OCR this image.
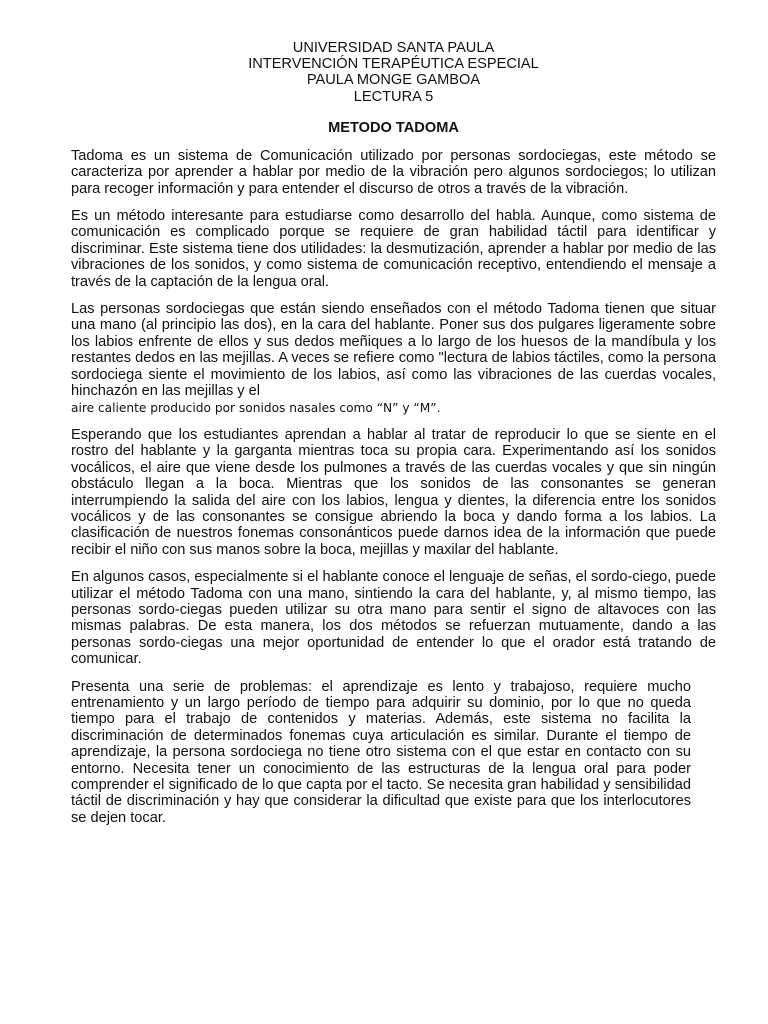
UNIVERSIDAD SANTA PAULA
INTERVENCIÓN TERAPÉUTICA ESPECIAL
PAULA MONGE GAMBOA
LECTURA 5
METODO TADOMA

Tadoma es un sistema de Comunicación utilizado por personas sordociegas, este método se caracteriza por aprender a hablar por medio de la vibración pero algunos sordociegos; lo utilizan para recoger información y para entender el discurso de otros a través de la vibración.

Es un método interesante para estudiarse como desarrollo del habla. Aunque, como sistema de comunicación es complicado porque se requiere de gran habilidad táctil para identificar y discriminar. Este sistema tiene dos utilidades: la desmutización, aprender a hablar por medio de las vibraciones de los sonidos, y como sistema de comunicación receptivo, entendiendo el mensaje a través de la captación de la lengua oral.

Las personas sordociegas que están siendo enseñados con el método Tadoma tienen que situar una mano (al principio las dos), en la cara del hablante. Poner sus dos pulgares ligeramente sobre los labios enfrente de ellos y sus dedos meñiques a lo largo de los huesos de la mandíbula y los restantes dedos en las mejillas. A veces se refiere como "lectura de labios táctiles, como la persona sordociega siente el movimiento de los labios, así como las vibraciones de las cuerdas vocales, hinchazón en las mejillas y el
aire caliente producido por sonidos nasales como “N” y “M”.

Esperando que los estudiantes aprendan a hablar al tratar de reproducir lo que se siente en el rostro del hablante y la garganta mientras toca su propia cara. Experimentando así los sonidos vocálicos, el aire que viene desde los pulmones a través de las cuerdas vocales y que sin ningún obstáculo llegan a la boca. Mientras que los sonidos de las consonantes se generan interrumpiendo la salida del aire con los labios, lengua y dientes, la diferencia entre los sonidos vocálicos y de las consonantes se consigue abriendo la boca y dando forma a los labios. La clasificación de nuestros fonemas consonánticos puede darnos idea de la información que puede recibir el niño con sus manos sobre la boca, mejillas y maxilar del hablante.

En algunos casos, especialmente si el hablante conoce el lenguaje de señas, el sordo-ciego, puede utilizar el método Tadoma con una mano, sintiendo la cara del hablante, y, al mismo tiempo, las personas sordo-ciegas pueden utilizar su otra mano para sentir el signo de altavoces con las mismas palabras. De esta manera, los dos métodos se refuerzan mutuamente, dando a las personas sordo-ciegas una mejor oportunidad de entender lo que el orador está tratando de comunicar.

Presenta una serie de problemas: el aprendizaje es lento y trabajoso, requiere mucho entrenamiento y un largo período de tiempo para adquirir su dominio, por lo que no queda tiempo para el trabajo de contenidos y materias. Además, este sistema no facilita la discriminación de determinados fonemas cuya articulación es similar. Durante el tiempo de aprendizaje, la persona sordociega no tiene otro sistema con el que estar en contacto con su entorno. Necesita tener un conocimiento de las estructuras de la lengua oral para poder comprender el significado de lo que capta por el tacto. Se necesita gran habilidad y sensibilidad táctil de discriminación y hay que considerar la dificultad que existe para que los interlocutores se dejen tocar.
